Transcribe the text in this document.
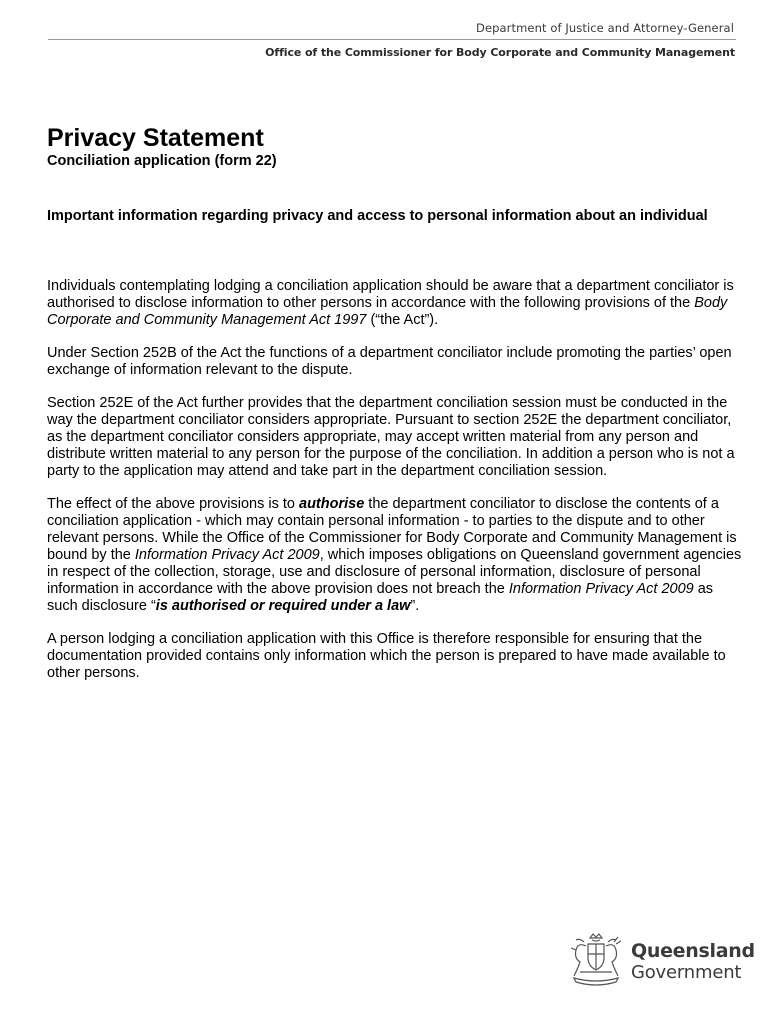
Department of Justice and Attorney-General
Office of the Commissioner for Body Corporate and Community Management
Privacy Statement
Conciliation application (form 22)
Important information regarding privacy and access to personal information about an individual

Individuals contemplating lodging a conciliation application should be aware that a department conciliator is authorised to disclose information to other persons in accordance with the following provisions of the Body Corporate and Community Management Act 1997 (“the Act”).

Under Section 252B of the Act the functions of a department conciliator include promoting the parties’ open exchange of information relevant to the dispute.

Section 252E of the Act further provides that the department conciliation session must be conducted in the way the department conciliator considers appropriate. Pursuant to section 252E the department conciliator, as the department conciliator considers appropriate, may accept written material from any person and distribute written material to any person for the purpose of the conciliation. In addition a person who is not a party to the application may attend and take part in the department conciliation session.

The effect of the above provisions is to authorise the department conciliator to disclose the contents of a conciliation application - which may contain personal information - to parties to the dispute and to other relevant persons. While the Office of the Commissioner for Body Corporate and Community Management is bound by the Information Privacy Act 2009, which imposes obligations on Queensland government agencies in respect of the collection, storage, use and disclosure of personal information, disclosure of personal information in accordance with the above provision does not breach the Information Privacy Act 2009 as such disclosure “is authorised or required under a law”.

A person lodging a conciliation application with this Office is therefore responsible for ensuring that the documentation provided contains only information which the person is prepared to have made available to other persons.

Queensland
Government
